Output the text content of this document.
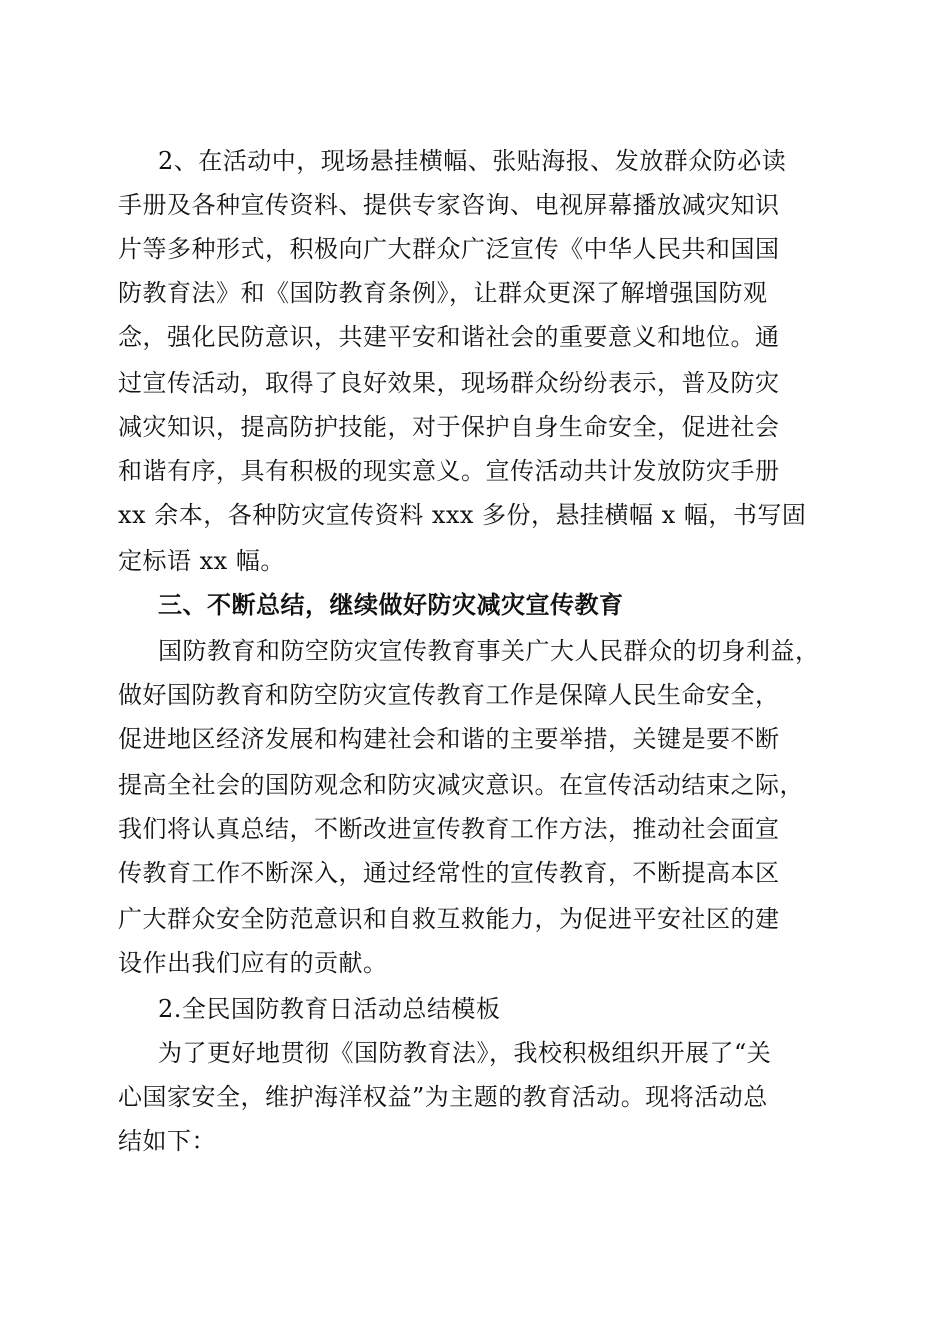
2、在活动中，现场悬挂横幅、张贴海报、发放群众防必读
手册及各种宣传资料、提供专家咨询、电视屏幕播放减灾知识
片等多种形式，积极向广大群众广泛宣传《中华人民共和国国
防教育法》和《国防教育条例》，让群众更深了解增强国防观
念，强化民防意识，共建平安和谐社会的重要意义和地位。通
过宣传活动，取得了良好效果，现场群众纷纷表示，普及防灾
减灾知识，提高防护技能，对于保护自身生命安全，促进社会
和谐有序，具有积极的现实意义。宣传活动共计发放防灾手册
xx 余本，各种防灾宣传资料 xxx 多份，悬挂横幅 x 幅，书写固
定标语 xx 幅。
三、不断总结，继续做好防灾减灾宣传教育
国防教育和防空防灾宣传教育事关广大人民群众的切身利益，
做好国防教育和防空防灾宣传教育工作是保障人民生命安全，
促进地区经济发展和构建社会和谐的主要举措，关键是要不断
提高全社会的国防观念和防灾减灾意识。在宣传活动结束之际，
我们将认真总结，不断改进宣传教育工作方法，推动社会面宣
传教育工作不断深入，通过经常性的宣传教育，不断提高本区
广大群众安全防范意识和自救互救能力，为促进平安社区的建
设作出我们应有的贡献。
2.全民国防教育日活动总结模板
为了更好地贯彻《国防教育法》，我校积极组织开展了“关
心国家安全，维护海洋权益”为主题的教育活动。现将活动总
结如下：
